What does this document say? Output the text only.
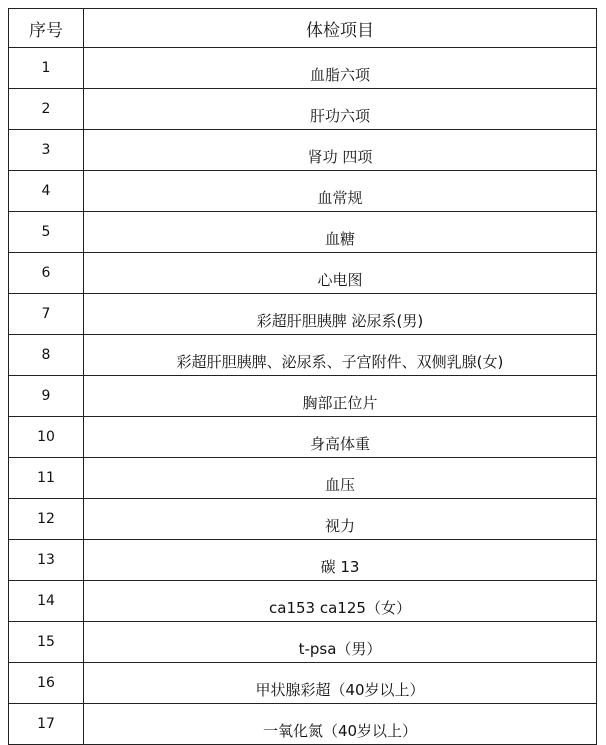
序号	体检项目
1	血脂六项
2	肝功六项
3	肾功 四项
4	血常规
5	血糖
6	心电图
7	彩超肝胆胰脾 泌尿系(男)
8	彩超肝胆胰脾、泌尿系、子宫附件、双侧乳腺(女)
9	胸部正位片
10	身高体重
11	血压
12	视力
13	碳 13
14	ca153 ca125（女）
15	t-psa（男）
16	甲状腺彩超（40岁以上）
17	一氧化氮（40岁以上）
